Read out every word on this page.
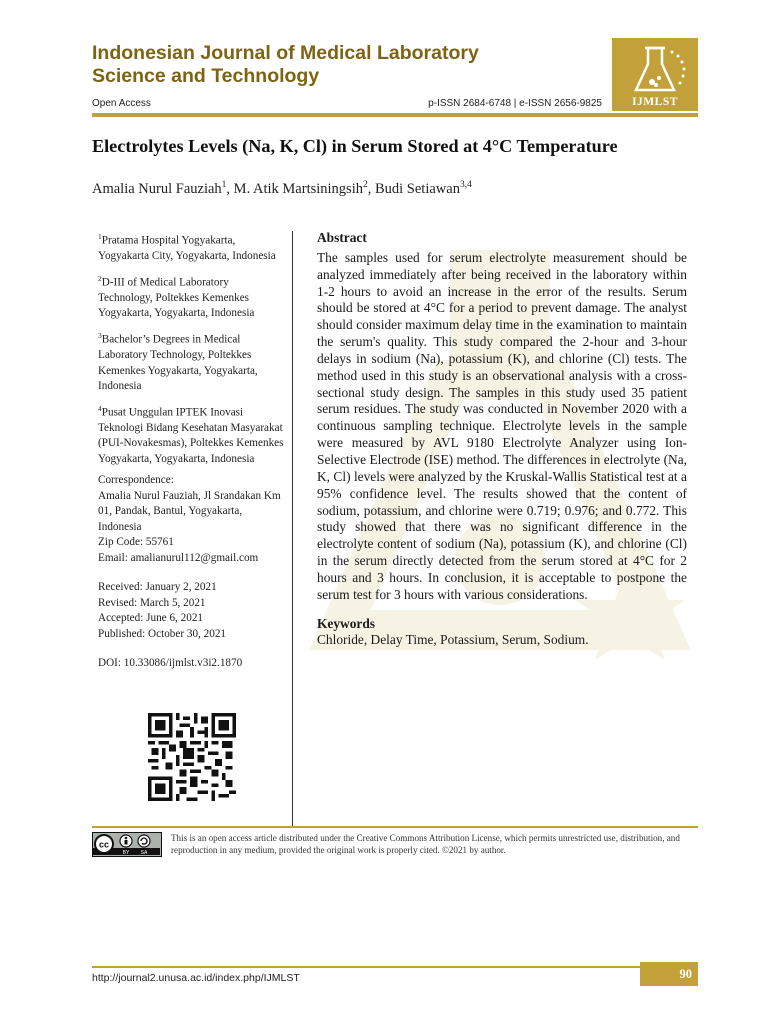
Indonesian Journal of Medical Laboratory
Science and Technology
IJMLST
Open Access	p-ISSN 2684-6748 | e-ISSN 2656-9825
Electrolytes Levels (Na, K, Cl) in Serum Stored at 4°C Temperature
Amalia Nurul Fauziah$^1$, M. Atik Martsiningsih$^2$, Budi Setiawan$^{3,4}$
$^1$Pratama Hospital Yogyakarta, Yogyakarta City, Yogyakarta, Indonesia
$^2$D-III of Medical Laboratory Technology, Poltekkes Kemenkes Yogyakarta, Yogyakarta, Indonesia
$^3$Bachelor’s Degrees in Medical Laboratory Technology, Poltekkes Kemenkes Yogyakarta, Yogyakarta, Indonesia
$^4$Pusat Unggulan IPTEK Inovasi Teknologi Bidang Kesehatan Masyarakat (PUI-Novakesmas), Poltekkes Kemenkes Yogyakarta, Yogyakarta, Indonesia
Correspondence:
Amalia Nurul Fauziah, Jl Srandakan Km 01, Pandak, Bantul, Yogyakarta, Indonesia
Zip Code: 55761
Email: amalianurul112@gmail.com
Received: January 2, 2021
Revised: March 5, 2021
Accepted: June 6, 2021
Published: October 30, 2021
DOI: 10.33086/ijmlst.v3i2.1870
Abstract

The samples used for serum electrolyte measurement should be analyzed immediately after being received in the laboratory within 1-2 hours to avoid an increase in the error of the results. Serum should be stored at 4°C for a period to prevent damage. The analyst should consider maximum delay time in the examination to maintain the serum's quality. This study compared the 2-hour and 3-hour delays in sodium (Na), potassium (K), and chlorine (Cl) tests. The method used in this study is an observational analysis with a cross-sectional study design. The samples in this study used 35 patient serum residues. The study was conducted in November 2020 with a continuous sampling technique. Electrolyte levels in the sample were measured by AVL 9180 Electrolyte Analyzer using Ion-Selective Electrode (ISE) method. The differences in electrolyte (Na, K, Cl) levels were analyzed by the Kruskal-Wallis Statistical test at a 95% confidence level. The results showed that the content of sodium, potassium, and chlorine were 0.719; 0.976; and 0.772. This study showed that there was no significant difference in the electrolyte content of sodium (Na), potassium (K), and chlorine (Cl) in the serum directly detected from the serum stored at 4°C for 2 hours and 3 hours. In conclusion, it is acceptable to postpone the serum test for 3 hours with various considerations.

Keywords

Chloride, Delay Time, Potassium, Serum, Sodium.

cc
BY SA
This is an open access article distributed under the Creative Commons Attribution License, which permits unrestricted use, distribution, and reproduction in any medium, provided the original work is properly cited. ©2021 by author.
http://journal2.unusa.ac.id/index.php/IJMLST	90
